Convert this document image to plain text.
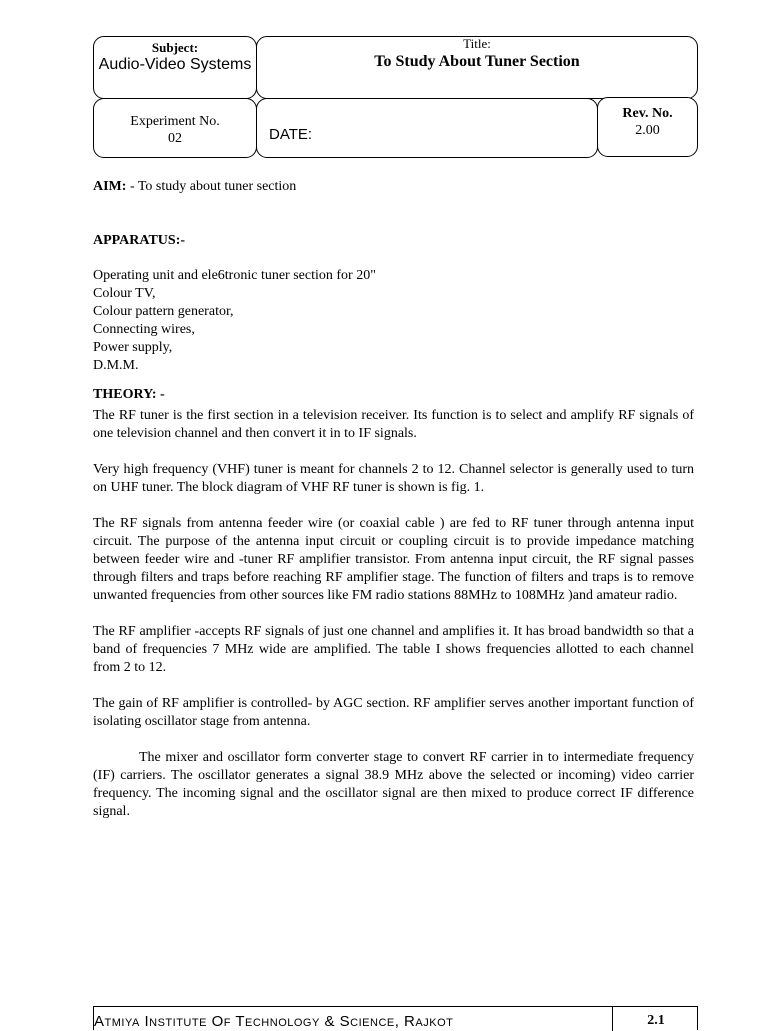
Subject:
Audio-Video Systems
Title:
To Study About Tuner Section
Experiment No.
02	DATE:
Rev. No.
2.00

AIM: - To study about tuner section

APPARATUS:-

Operating unit and ele6tronic tuner section for 20"

Colour TV,

Colour pattern generator,

Connecting wires,

Power supply,

D.M.M.

THEORY: -

The RF tuner is the first section in a television receiver. Its function is to select and amplify RF signals of one television channel and then convert it in to IF signals.

Very high frequency (VHF) tuner is meant for channels 2 to 12. Channel selector is generally used to turn on UHF tuner. The block diagram of VHF RF tuner is shown is fig. 1.

The RF signals from antenna feeder wire (or coaxial cable ) are fed to RF tuner through antenna input circuit. The purpose of the antenna input circuit or coupling circuit is to provide impedance matching between feeder wire and -tuner RF amplifier transistor. From antenna input circuit, the RF signal passes through filters and traps before reaching RF amplifier stage. The function of filters and traps is to remove unwanted frequencies from other sources like FM radio stations 88MHz to 108MHz )and amateur radio.

The RF amplifier -accepts RF signals of just one channel and amplifies it. It has broad bandwidth so that a band of frequencies 7 MHz wide are amplified. The table I shows frequencies allotted to each channel from 2 to 12.

The gain of RF amplifier is controlled- by AGC section. RF amplifier serves another important function of isolating oscillator stage from antenna.

The mixer and oscillator form converter stage to convert RF carrier in to intermediate frequency (IF) carriers. The oscillator generates a signal 38.9 MHz above the selected or incoming) video carrier frequency. The incoming signal and the oscillator signal are then mixed to produce correct IF difference signal.

Atmiya Institute Of Technology & Science, Rajkot	2.1
